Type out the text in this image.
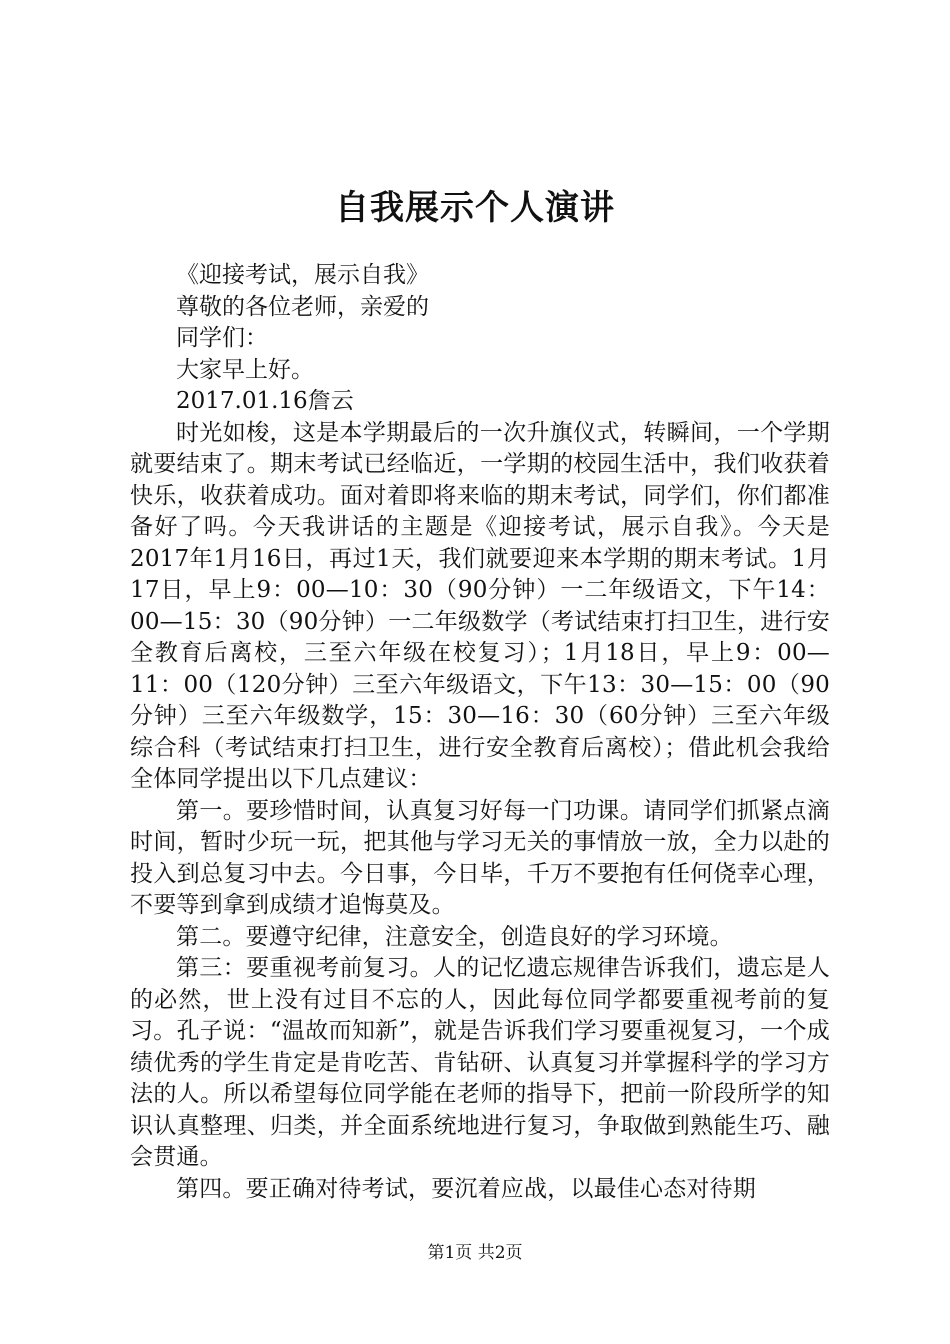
自我展示个人演讲
《迎接考试，展示自我》
尊敬的各位老师，亲爱的
同学们：
大家早上好。
2017.01.16詹云

时光如梭，这是本学期最后的一次升旗仪式，转瞬间，一个学期就要结束了。期末考试已经临近，一学期的校园生活中，我们收获着快乐，收获着成功。面对着即将来临的期末考试，同学们，你们都准备好了吗。今天我讲话的主题是《迎接考试，展示自我》。今天是2017年1月16日，再过1天，我们就要迎来本学期的期末考试。1月17日，早上9：00—10：30（90分钟）一二年级语文，下午14：00—15：30（90分钟）一二年级数学（考试结束打扫卫生，进行安全教育后离校，三至六年级在校复习）；1月18日，早上9：00—11：00（120分钟）三至六年级语文，下午13：30—15：00（90分钟）三至六年级数学，15：30—16：30（60分钟）三至六年级综合科（考试结束打扫卫生，进行安全教育后离校）；借此机会我给全体同学提出以下几点建议：

第一。要珍惜时间，认真复习好每一门功课。请同学们抓紧点滴时间，暂时少玩一玩，把其他与学习无关的事情放一放，全力以赴的投入到总复习中去。今日事，今日毕，千万不要抱有任何侥幸心理，不要等到拿到成绩才追悔莫及。

第二。要遵守纪律，注意安全，创造良好的学习环境。

第三：要重视考前复习。人的记忆遗忘规律告诉我们，遗忘是人的必然，世上没有过目不忘的人，因此每位同学都要重视考前的复习。孔子说：“温故而知新”，就是告诉我们学习要重视复习，一个成绩优秀的学生肯定是肯吃苦、肯钻研、认真复习并掌握科学的学习方法的人。所以希望每位同学能在老师的指导下，把前一阶段所学的知识认真整理、归类，并全面系统地进行复习，争取做到熟能生巧、融会贯通。

第四。要正确对待考试，要沉着应战，以最佳心态对待期

第1页 共2页
